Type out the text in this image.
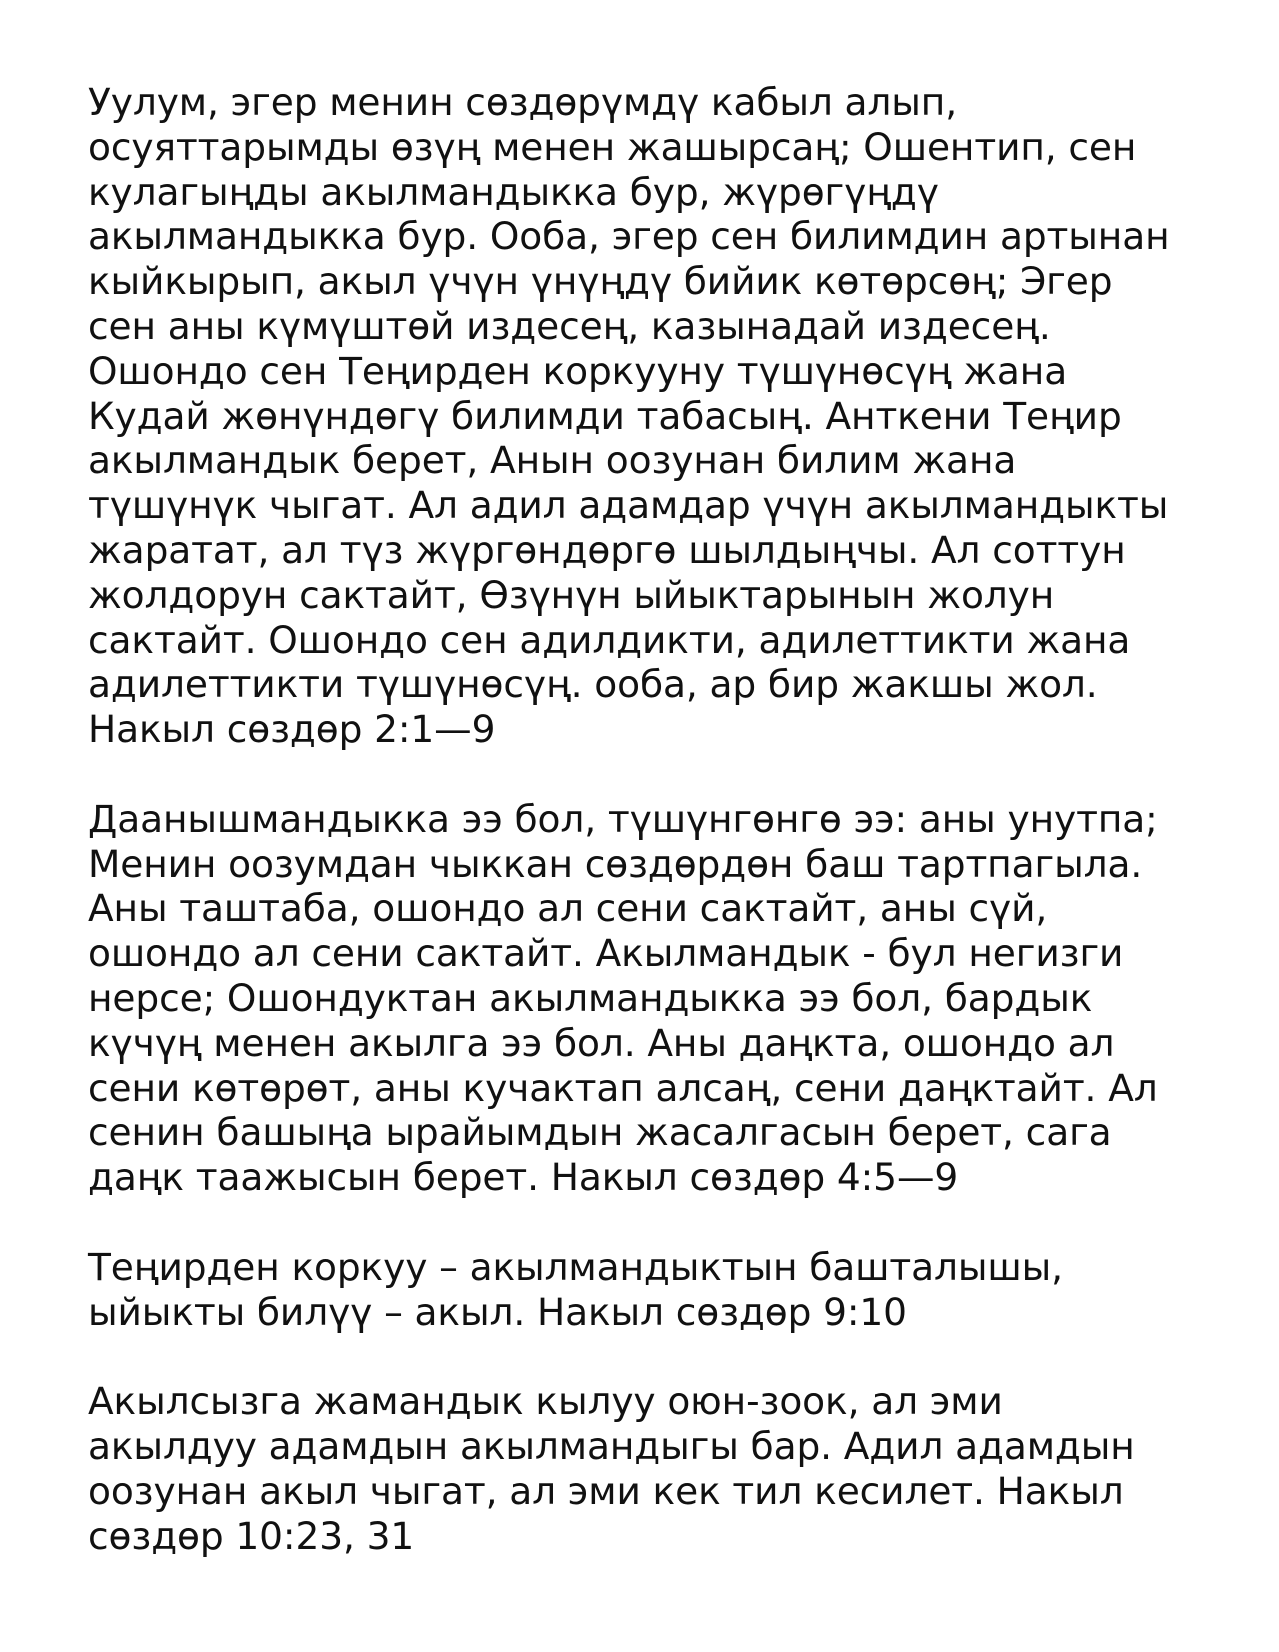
Уулум, эгер менин сөздөрүмдү кабыл алып,
осуяттарымды өзүң менен жашырсаң; Ошентип, сен
кулагыңды акылмандыкка бур, жүрөгүңдү
акылмандыкка бур. Ооба, эгер сен билимдин артынан
кыйкырып, акыл үчүн үнүңдү бийик көтөрсөң; Эгер
сен аны күмүштөй издесең, казынадай издесең.
Ошондо сен Теңирден коркууну түшүнөсүң жана
Кудай жөнүндөгү билимди табасың. Анткени Теңир
акылмандык берет, Анын оозунан билим жана
түшүнүк чыгат. Ал адил адамдар үчүн акылмандыкты
жаратат, ал түз жүргөндөргө шылдыңчы. Ал соттун
жолдорун сактайт, Өзүнүн ыйыктарынын жолун
сактайт. Ошондо сен адилдикти, адилеттикти жана
адилеттикти түшүнөсүң. ооба, ар бир жакшы жол.
Накыл сөздөр 2:1—9

Даанышмандыкка ээ бол, түшүнгөнгө ээ: аны унутпа;
Менин оозумдан чыккан сөздөрдөн баш тартпагыла.
Аны таштаба, ошондо ал сени сактайт, аны сүй,
ошондо ал сени сактайт. Акылмандык - бул негизги
нерсе; Ошондуктан акылмандыкка ээ бол, бардык
күчүң менен акылга ээ бол. Аны даңкта, ошондо ал
сени көтөрөт, аны кучактап алсаң, сени даңктайт. Ал
сенин башыңа ырайымдын жасалгасын берет, сага
даңк таажысын берет. Накыл сөздөр 4:5—9

Теңирден коркуу – акылмандыктын башталышы,
ыйыкты билүү – акыл. Накыл сөздөр 9:10

Акылсызга жамандык кылуу оюн-зоок, ал эми
акылдуу адамдын акылмандыгы бар. Адил адамдын
оозунан акыл чыгат, ал эми кек тил кесилет. Накыл
сөздөр 10:23, 31
